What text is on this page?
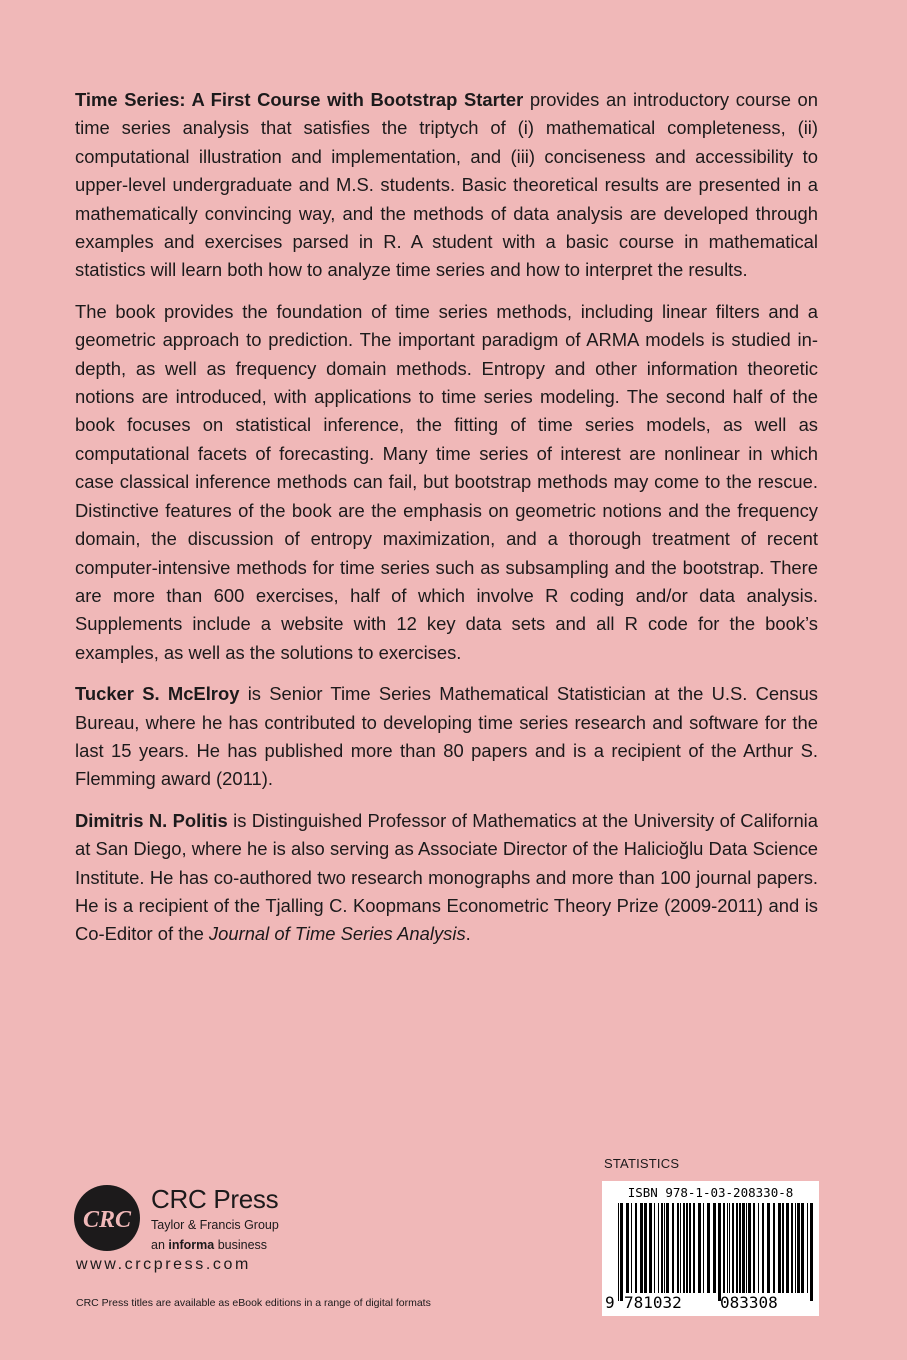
Time Series: A First Course with Bootstrap Starter provides an introductory course on time series analysis that satisfies the triptych of (i) mathematical completeness, (ii) computational illustration and implementation, and (iii) conciseness and accessibility to upper-level undergraduate and M.S. students. Basic theoretical results are presented in a mathematically convincing way, and the methods of data analysis are developed through examples and exercises parsed in R. A student with a basic course in mathematical statistics will learn both how to analyze time series and how to interpret the results.

The book provides the foundation of time series methods, including linear filters and a geometric approach to prediction. The important paradigm of ARMA models is studied in-depth, as well as frequency domain methods. Entropy and other information theoretic notions are introduced, with applications to time series modeling. The second half of the book focuses on statistical inference, the fitting of time series models, as well as computational facets of forecasting. Many time series of interest are nonlinear in which case classical inference methods can fail, but bootstrap methods may come to the rescue. Distinctive features of the book are the emphasis on geometric notions and the frequency domain, the discussion of entropy maximization, and a thorough treatment of recent computer-intensive methods for time series such as subsampling and the bootstrap. There are more than 600 exercises, half of which involve R coding and/or data analysis. Supplements include a website with 12 key data sets and all R code for the book’s examples, as well as the solutions to exercises.

Tucker S. McElroy is Senior Time Series Mathematical Statistician at the U.S. Census Bureau, where he has contributed to developing time series research and software for the last 15 years. He has published more than 80 papers and is a recipient of the Arthur S. Flemming award (2011).

Dimitris N. Politis is Distinguished Professor of Mathematics at the University of California at San Diego, where he is also serving as Associate Director of the Halicioğlu Data Science Institute. He has co-authored two research monographs and more than 100 journal papers. He is a recipient of the Tjalling C. Koopmans Econometric Theory Prize (2009-2011) and is Co-Editor of the Journal of Time Series Analysis.

STATISTICS
ISBN 978-1-03-208330-8
9 781032 083308
CRC
CRC Press
Taylor & Francis Group
an informa business
www.crcpress.com
CRC Press titles are available as eBook editions in a range of digital formats
